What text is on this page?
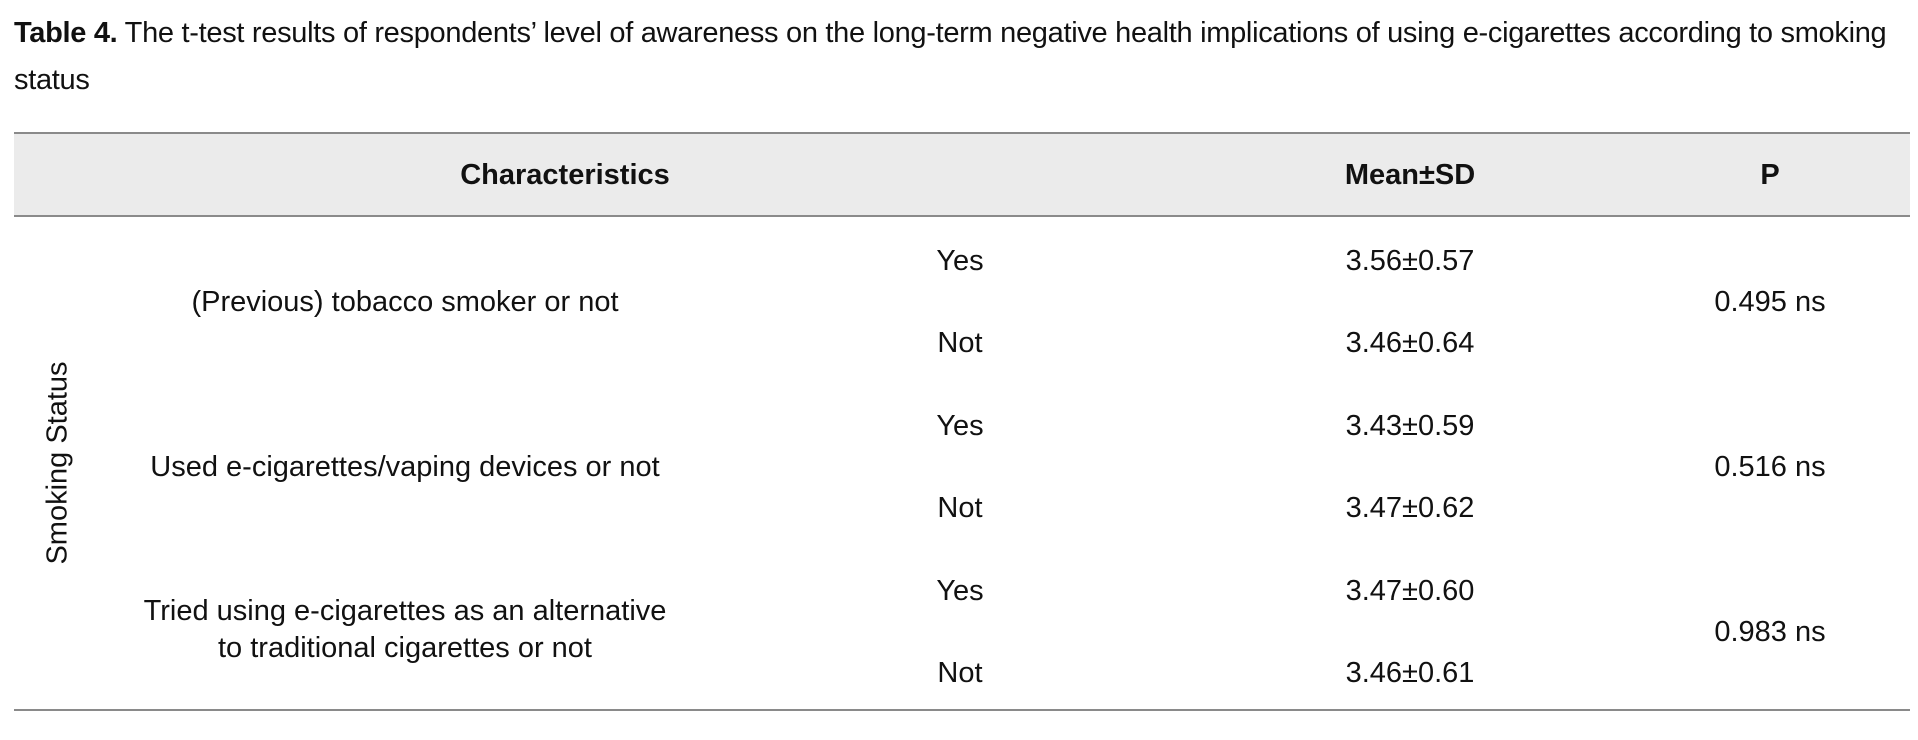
Table 4. The t-test results of respondents’ level of awareness on the long-term negative health implications of using e-cigarettes according to smoking status
Characteristics	Mean±SD	P
Smoking Status
(Previous) tobacco smoker or not
Yes	3.56±0.57
Not	3.46±0.64
0.495 ns
Used e-cigarettes/vaping devices or not
Yes	3.43±0.59
Not	3.47±0.62
0.516 ns
Tried using e-cigarettes as an alternative
to traditional cigarettes or not
Yes	3.47±0.60
Not	3.46±0.61
0.983 ns
